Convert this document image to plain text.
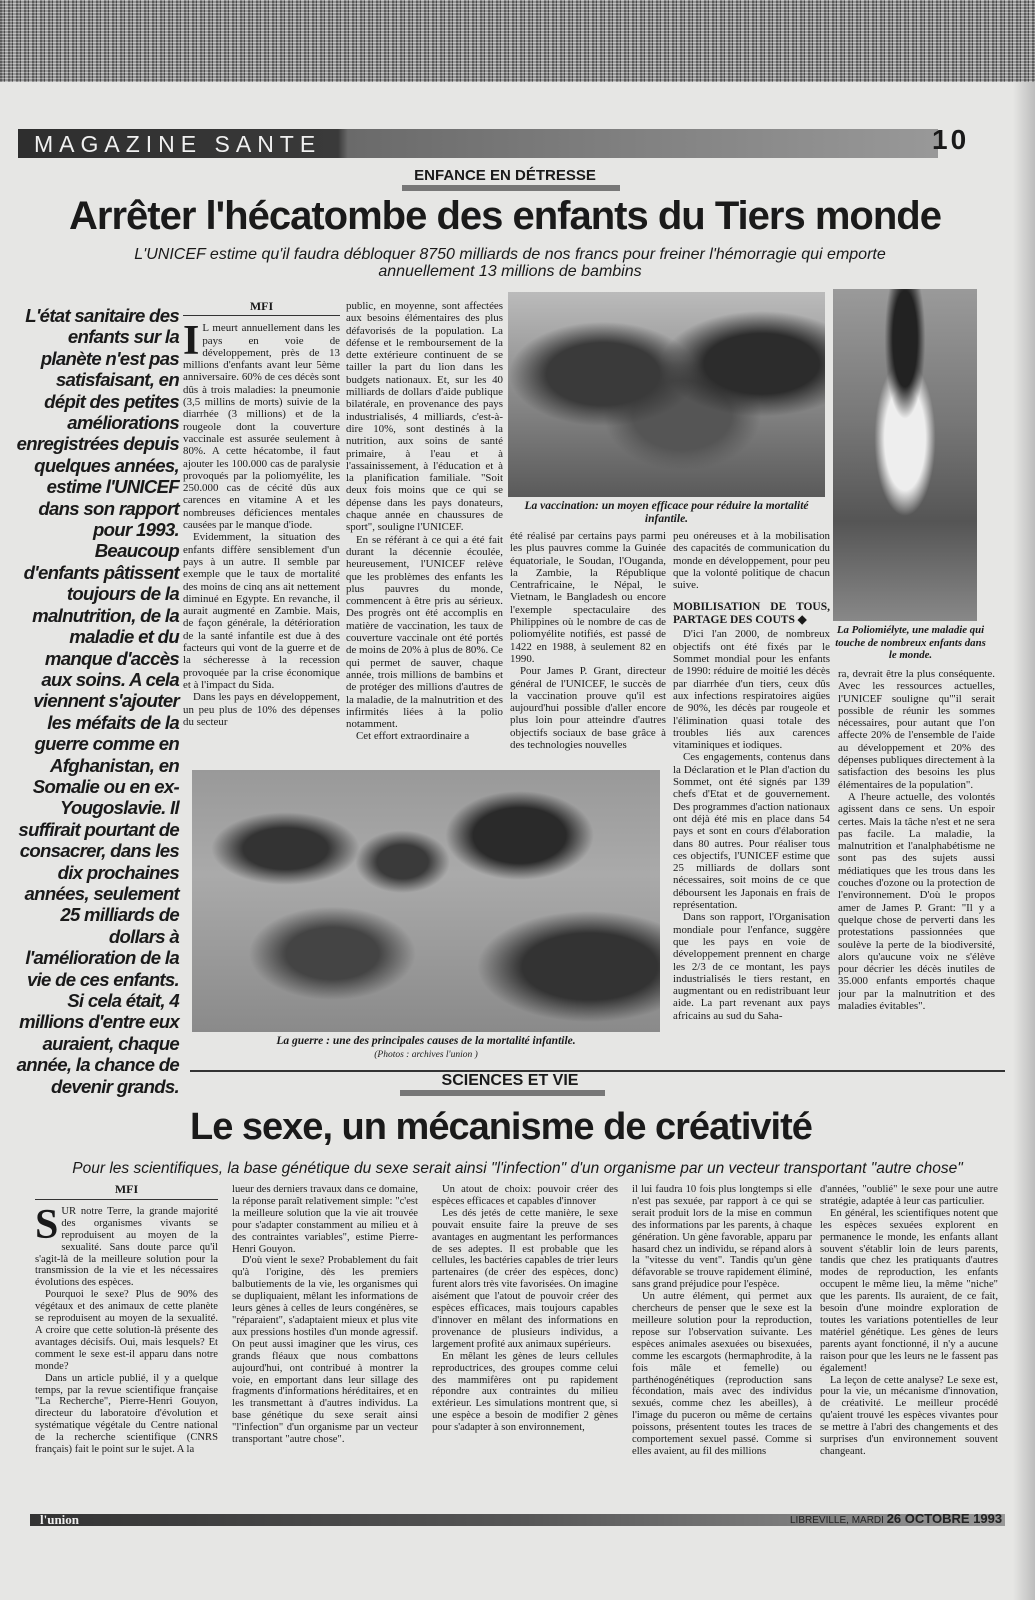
MAGAZINE SANTE	10
ENFANCE EN DÉTRESSE
Arrêter l'hécatombe des enfants du Tiers monde
L'UNICEF estime qu'il faudra débloquer 8750 milliards de nos francs pour freiner l'hémorragie qui emporte
annuellement 13 millions de bambins
L'état sanitaire des enfants sur la planète n'est pas satisfaisant, en dépit des petites améliorations enregistrées depuis quelques années, estime l'UNICEF dans son rapport pour 1993. Beaucoup d'enfants pâtissent toujours de la malnutrition, de la maladie et du manque d'accès aux soins. A cela viennent s'ajouter les méfaits de la guerre comme en Afghanistan, en Somalie ou en ex-Yougoslavie. Il suffirait pourtant de consacrer, dans les dix prochaines années, seulement 25 milliards de dollars à l'amélioration de la vie de ces enfants. Si cela était, 4 millions d'entre eux auraient, chaque année, la chance de devenir grands.
MFI

I L meurt annuellement dans les pays en voie de développement, près de 13 millions d'enfants avant leur 5ème anniversaire. 60% de ces décès sont dûs à trois maladies: la pneumonie (3,5 millins de morts) suivie de la diarrhée (3 millions) et de la rougeole dont la couverture vaccinale est assurée seulement à 80%. A cette hécatombe, il faut ajouter les 100.000 cas de paralysie provoqués par la poliomyélite, les 250.000 cas de cécité dûs aux carences en vitamine A et les nombreuses déficiences mentales causées par le manque d'iode.

Evidemment, la situation des enfants diffère sensiblement d'un pays à un autre. Il semble par exemple que le taux de mortalité des moins de cinq ans ait nettement diminué en Egypte. En revanche, il aurait augmenté en Zambie. Mais, de façon générale, la détérioration de la santé infantile est due à des facteurs qui vont de la guerre et de la sécheresse à la recession provoquée par la crise économique et à l'impact du Sida.

Dans les pays en développement, un peu plus de 10% des dépenses du secteur

public, en moyenne, sont affectées aux besoins élémentaires des plus défavorisés de la population. La défense et le remboursement de la dette extérieure continuent de se tailler la part du lion dans les budgets nationaux. Et, sur les 40 milliards de dollars d'aide publique bilatérale, en provenance des pays industrialisés, 4 milliards, c'est-à-dire 10%, sont destinés à la nutrition, aux soins de santé primaire, à l'eau et à l'assainissement, à l'éducation et à la planification familiale. "Soit deux fois moins que ce qui se dépense dans les pays donateurs, chaque année en chaussures de sport", souligne l'UNICEF.

En se référant à ce qui a été fait durant la décennie écoulée, heureusement, l'UNICEF relève que les problèmes des enfants les plus pauvres du monde, commencent à être pris au sérieux. Des progrès ont été accomplis en matière de vaccination, les taux de couverture vaccinale ont été portés de moins de 20% à plus de 80%. Ce qui permet de sauver, chaque année, trois millions de bambins et de protéger des millions d'autres de la maladie, de la malnutrition et des infirmités liées à la polio notamment.

Cet effort extraordinaire a

La vaccination: un moyen efficace pour réduire la mortalité infantile.
La Poliomiélyte, une maladie qui touche de nombreux enfants dans le monde.

été réalisé par certains pays parmi les plus pauvres comme la Guinée équatoriale, le Soudan, l'Ouganda, la Zambie, la République Centrafricaine, le Népal, le Vietnam, le Bangladesh ou encore l'exemple spectaculaire des Philippines où le nombre de cas de poliomyélite notifiés, est passé de 1422 en 1988, à seulement 82 en 1990.

Pour James P. Grant, directeur général de l'UNICEF, le succès de la vaccination prouve qu'il est aujourd'hui possible d'aller encore plus loin pour atteindre d'autres objectifs sociaux de base grâce à des technologies nouvelles

peu onéreuses et à la mobilisation des capacités de communication du monde en développement, pour peu que la volonté politique de chacun suive.

MOBILISATION DE TOUS, PARTAGE DES COUTS ◆

D'ici l'an 2000, de nombreux objectifs ont été fixés par le Sommet mondial pour les enfants de 1990: réduire de moitié les décès par diarrhée d'un tiers, ceux dûs aux infections respiratoires aigües de 90%, les décès par rougeole et l'élimination quasi totale des troubles liés aux carences vitaminiques et iodiques.

Ces engagements, contenus dans la Déclaration et le Plan d'action du Sommet, ont été signés par 139 chefs d'Etat et de gouvernement. Des programmes d'action nationaux ont déjà été mis en place dans 54 pays et sont en cours d'élaboration dans 80 autres. Pour réaliser tous ces objectifs, l'UNICEF estime que 25 milliards de dollars sont nécessaires, soit moins de ce que déboursent les Japonais en frais de représentation.

Dans son rapport, l'Organisation mondiale pour l'enfance, suggère que les pays en voie de développement prennent en charge les 2/3 de ce montant, les pays industrialisés le tiers restant, en augmentant ou en redistribuant leur aide. La part revenant aux pays africains au sud du Saha-

ra, devrait être la plus conséquente. Avec les ressources actuelles, l'UNICEF souligne qu'"il serait possible de réunir les sommes nécessaires, pour autant que l'on affecte 20% de l'ensemble de l'aide au développement et 20% des dépenses publiques directement à la satisfaction des besoins les plus élémentaires de la population".

A l'heure actuelle, des volontés agissent dans ce sens. Un espoir certes. Mais la tâche n'est et ne sera pas facile. La maladie, la malnutrition et l'analphabétisme ne sont pas des sujets aussi médiatiques que les trous dans les couches d'ozone ou la protection de l'environnement. D'où le propos amer de James P. Grant: "Il y a quelque chose de perverti dans les protestations passionnées que soulève la perte de la biodiversité, alors qu'aucune voix ne s'élève pour décrier les décès inutiles de 35.000 enfants emportés chaque jour par la malnutrition et des maladies évitables".

La guerre : une des principales causes de la mortalité infantile.
(Photos : archives l'union )
SCIENCES ET VIE
Le sexe, un mécanisme de créativité
Pour les scientifiques, la base génétique du sexe serait ainsi "l'infection" d'un organisme par un vecteur transportant "autre chose"
MFI

SUR notre Terre, la grande majorité des organismes vivants se reproduisent au moyen de la sexualité. Sans doute parce qu'il s'agit-là de la meilleure solution pour la transmission de la vie et les nécessaires évolutions des espèces.

Pourquoi le sexe? Plus de 90% des végétaux et des animaux de cette planète se reproduisent au moyen de la sexualité. A croire que cette solution-là présente des avantages décisifs. Oui, mais lesquels? Et comment le sexe est-il apparu dans notre monde?

Dans un article publié, il y a quelque temps, par la revue scientifique française "La Recherche", Pierre-Henri Gouyon, directeur du laboratoire d'évolution et systématique végétale du Centre national de la recherche scientifique (CNRS français) fait le point sur le sujet. A la

lueur des derniers travaux dans ce domaine, la réponse paraît relativement simple: "c'est la meilleure solution que la vie ait trouvée pour s'adapter constamment au milieu et à des contraintes variables", estime Pierre-Henri Gouyon.

D'où vient le sexe? Probablement du fait qu'à l'origine, dès les premiers balbutiements de la vie, les organismes qui se dupliquaient, mêlant les informations de leurs gènes à celles de leurs congénères, se "réparaient", s'adaptaient mieux et plus vite aux pressions hostiles d'un monde agressif. On peut aussi imaginer que les virus, ces grands fléaux que nous combattons aujourd'hui, ont contribué à montrer la voie, en emportant dans leur sillage des fragments d'informations héréditaires, et en les transmettant à d'autres individus. La base génétique du sexe serait ainsi "l'infection" d'un organisme par un vecteur transportant "autre chose".

Un atout de choix: pouvoir créer des espèces efficaces et capables d'innover

Les dés jetés de cette manière, le sexe pouvait ensuite faire la preuve de ses avantages en augmentant les performances de ses adeptes. Il est probable que les cellules, les bactéries capables de trier leurs partenaires (de créer des espèces, donc) furent alors très vite favorisées. On imagine aisément que l'atout de pouvoir créer des espèces efficaces, mais toujours capables d'innover en mêlant des informations en provenance de plusieurs individus, a largement profité aux animaux supérieurs.

En mêlant les gènes de leurs cellules reproductrices, des groupes comme celui des mammifères ont pu rapidement répondre aux contraintes du milieu extérieur. Les simulations montrent que, si une espèce a besoin de modifier 2 gènes pour s'adapter à son environnement,

il lui faudra 10 fois plus longtemps si elle n'est pas sexuée, par rapport à ce qui se serait produit lors de la mise en commun des informations par les parents, à chaque génération. Un gène favorable, apparu par hasard chez un individu, se répand alors à la "vitesse du vent". Tandis qu'un gène défavorable se trouve rapidement éliminé, sans grand préjudice pour l'espèce.

Un autre élément, qui permet aux chercheurs de penser que le sexe est la meilleure solution pour la reproduction, repose sur l'observation suivante. Les espèces animales asexuées ou bisexuées, comme les escargots (hermaphrodite, à la fois mâle et femelle) ou parthénogénétiques (reproduction sans fécondation, mais avec des individus sexués, comme chez les abeilles), à l'image du puceron ou même de certains poissons, présentent toutes les traces de comportement sexuel passé. Comme si elles avaient, au fil des millions

d'années, "oublié" le sexe pour une autre stratégie, adaptée à leur cas particulier.

En général, les scientifiques notent que les espèces sexuées explorent en permanence le monde, les enfants allant souvent s'établir loin de leurs parents, tandis que chez les pratiquants d'autres modes de reproduction, les enfants occupent le même lieu, la même "niche" que les parents. Ils auraient, de ce fait, besoin d'une moindre exploration de toutes les variations potentielles de leur matériel génétique. Les gènes de leurs parents ayant fonctionné, il n'y a aucune raison pour que les leurs ne le fassent pas également!

La leçon de cette analyse? Le sexe est, pour la vie, un mécanisme d'innovation, de créativité. Le meilleur procédé qu'aient trouvé les espèces vivantes pour se mettre à l'abri des changements et des surprises d'un environnement souvent changeant.

l'union	LIBREVILLE, MARDI 26 OCTOBRE 1993
